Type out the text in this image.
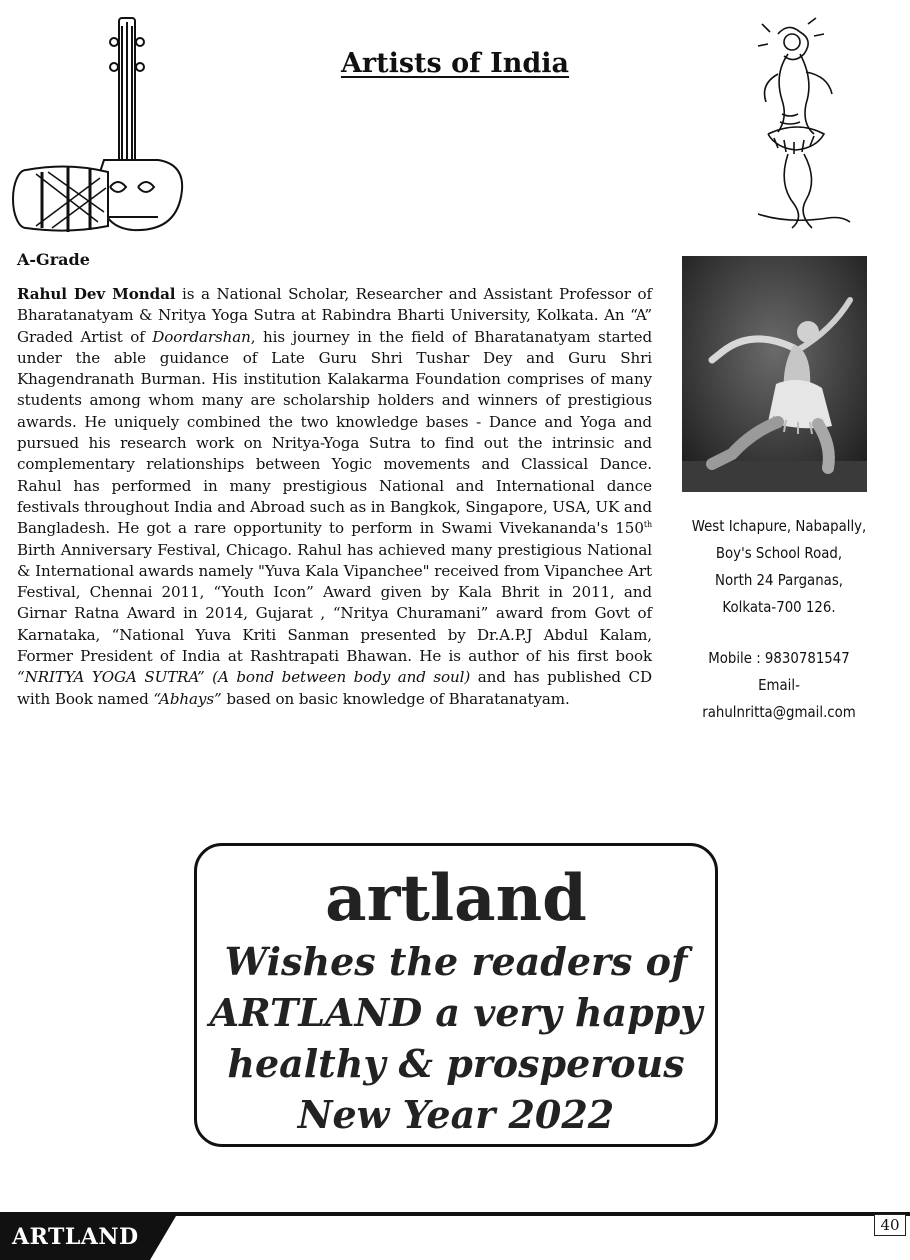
Artists of India
A-Grade
Rahul Dev Mondal is a National Scholar, Researcher and Assistant Professor of Bharatanatyam & Nritya Yoga Sutra at Rabindra Bharti University, Kolkata. An “A” Graded Artist of Doordarshan, his journey in the field of Bharatanatyam started under the able guidance of Late Guru Shri Tushar Dey and Guru Shri Khagendranath Burman. His institution Kalakarma Foundation comprises of many students among whom many are scholarship holders and winners of prestigious awards. He uniquely combined the two knowledge bases - Dance and Yoga and pursued his research work on Nritya-Yoga Sutra to find out the intrinsic and complementary relationships between Yogic movements and Classical Dance. Rahul has performed in many prestigious National and International dance festivals throughout India and Abroad such as in Bangkok, Singapore, USA, UK and Bangladesh. He got a rare opportunity to perform in Swami Vivekananda's 150th Birth Anniversary Festival, Chicago. Rahul has achieved many prestigious National & International awards namely "Yuva Kala Vipanchee" received from Vipanchee Art Festival, Chennai 2011, “Youth Icon” Award given by Kala Bhrit in 2011, and Girnar Ratna Award in 2014, Gujarat , “Nritya Churamani” award from Govt of Karnataka, “National Yuva Kriti Sanman presented by Dr.A.P.J Abdul Kalam, Former President of India at Rashtrapati Bhawan. He is author of his first book “NRITYA YOGA SUTRA” (A bond between body and soul) and has published CD with Book named “Abhays” based on basic knowledge of Bharatanatyam.
West Ichapure, Nabapally,
Boy's School Road,
North 24 Parganas,
Kolkata-700 126.
Mobile : 9830781547
Email- rahulnritta@gmail.com
artland
Wishes the readers of
ARTLAND a very happy
healthy & prosperous
New Year 2022
ARTLAND	40
